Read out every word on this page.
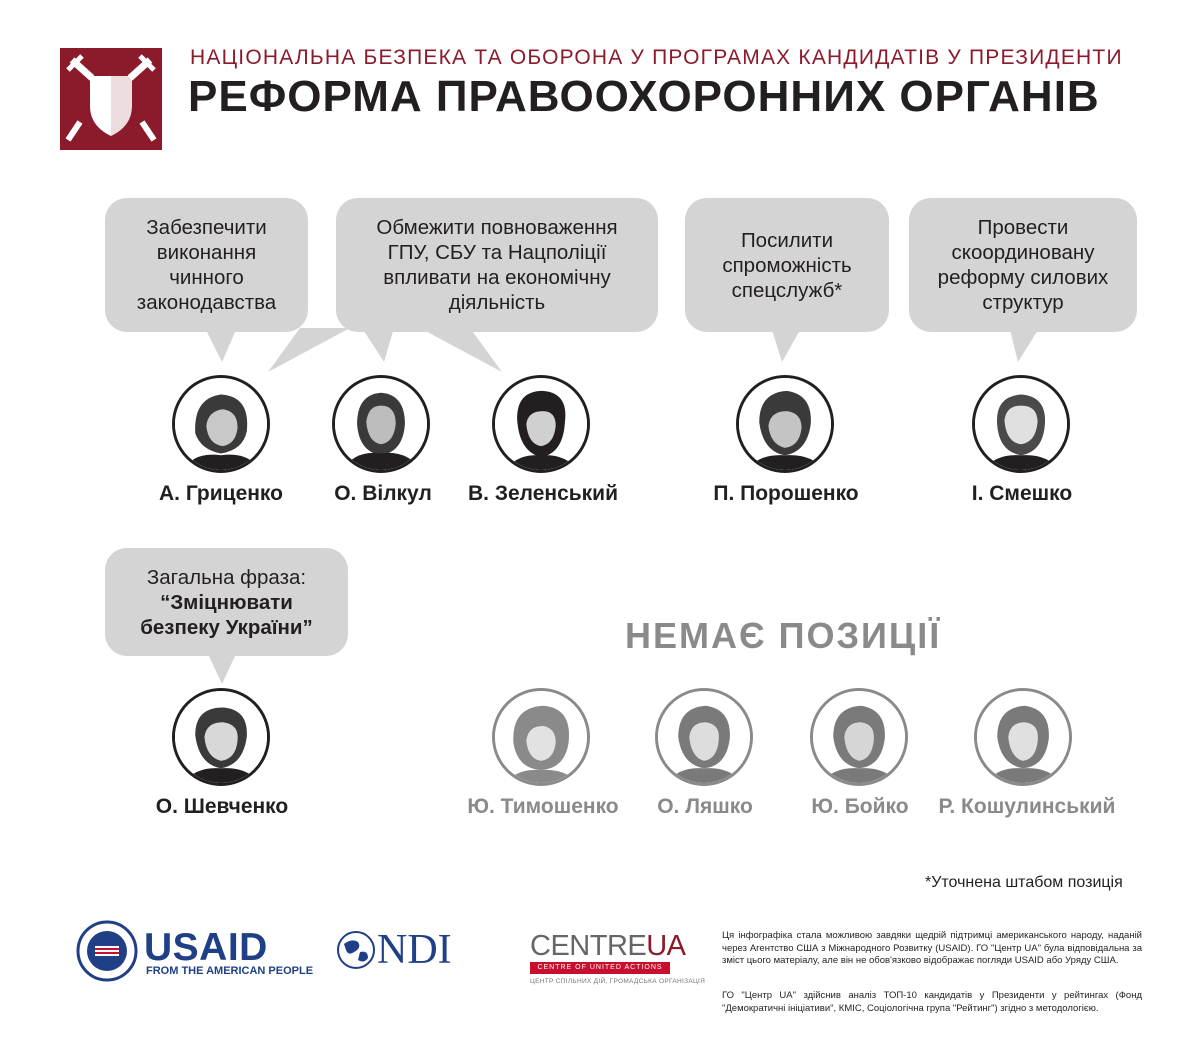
НАЦІОНАЛЬНА БЕЗПЕКА ТА ОБОРОНА У ПРОГРАМАХ КАНДИДАТІВ У ПРЕЗИДЕНТИ
РЕФОРМА ПРАВООХОРОННИХ ОРГАНІВ
Забезпечити
виконання
чинного
законодавства
Обмежити повноваження
ГПУ, СБУ та Нацполіції
впливати на економічну
діяльність
Посилити
спроможність
спецслужб*
Провести
скоординовану
реформу силових
структур
Загальна фраза:
“Зміцнювати
безпеку України”
А. Гриценко	О. Вілкул	В. Зеленський	П. Порошенко	І. Смешко
О. Шевченко
НЕМАЄ ПОЗИЦІЇ
Ю. Тимошенко	О. Ляшко	Ю. Бойко	Р. Кошулинський
*Уточнена штабом позиція
USAID
FROM THE AMERICAN PEOPLE NDI	CENTREUA
CENTRE OF UNITED ACTIONS
ЦЕНТР СПІЛЬНИХ ДІЙ, ГРОМАДСЬКА ОРГАНІЗАЦІЯ
Ця інфографіка стала можливою завдяки щедрій підтримці американського народу, наданій через Агентство США з Міжнародного Розвитку (USAID). ГО "Центр UA" була відповідальна за зміст цього матеріалу, але він не обов'язково відображає погляди USAID або Уряду США.
ГО "Центр UA" здійснив аналіз ТОП-10 кандидатів у Президенти у рейтингах (Фонд "Демократичні ініціативи", КМІС, Соціологічна група "Рейтинг") згідно з методологією.
